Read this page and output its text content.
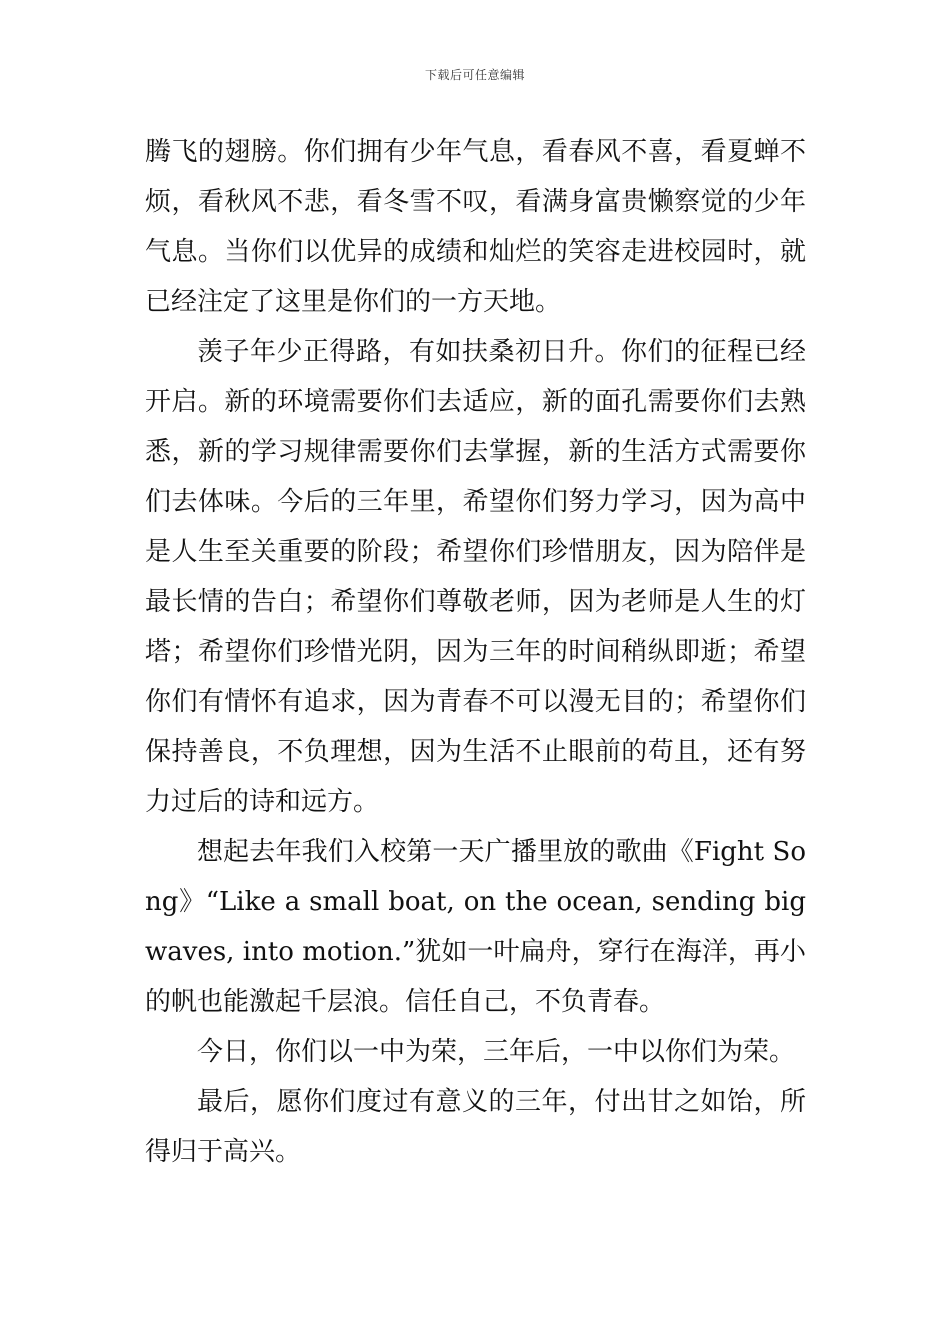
下载后可任意编辑

腾飞的翅膀。你们拥有少年气息，看春风不喜，看夏蝉不烦，看秋风不悲，看冬雪不叹，看满身富贵懒察觉的少年气息。当你们以优异的成绩和灿烂的笑容走进校园时，就已经注定了这里是你们的一方天地。

羡子年少正得路，有如扶桑初日升。你们的征程已经开启。新的环境需要你们去适应，新的面孔需要你们去熟悉，新的学习规律需要你们去掌握，新的生活方式需要你们去体味。今后的三年里，希望你们努力学习，因为高中是人生至关重要的阶段；希望你们珍惜朋友，因为陪伴是最长情的告白；希望你们尊敬老师，因为老师是人生的灯塔；希望你们珍惜光阴，因为三年的时间稍纵即逝；希望你们有情怀有追求，因为青春不可以漫无目的；希望你们保持善良，不负理想，因为生活不止眼前的苟且，还有努力过后的诗和远方。

想起去年我们入校第一天广播里放的歌曲《Fight Song》“Like a small boat, on the ocean, sending big waves, into motion.”犹如一叶扁舟，穿行在海洋，再小的帆也能激起千层浪。信任自己，不负青春。

今日，你们以一中为荣，三年后，一中以你们为荣。

最后，愿你们度过有意义的三年，付出甘之如饴，所得归于高兴。
